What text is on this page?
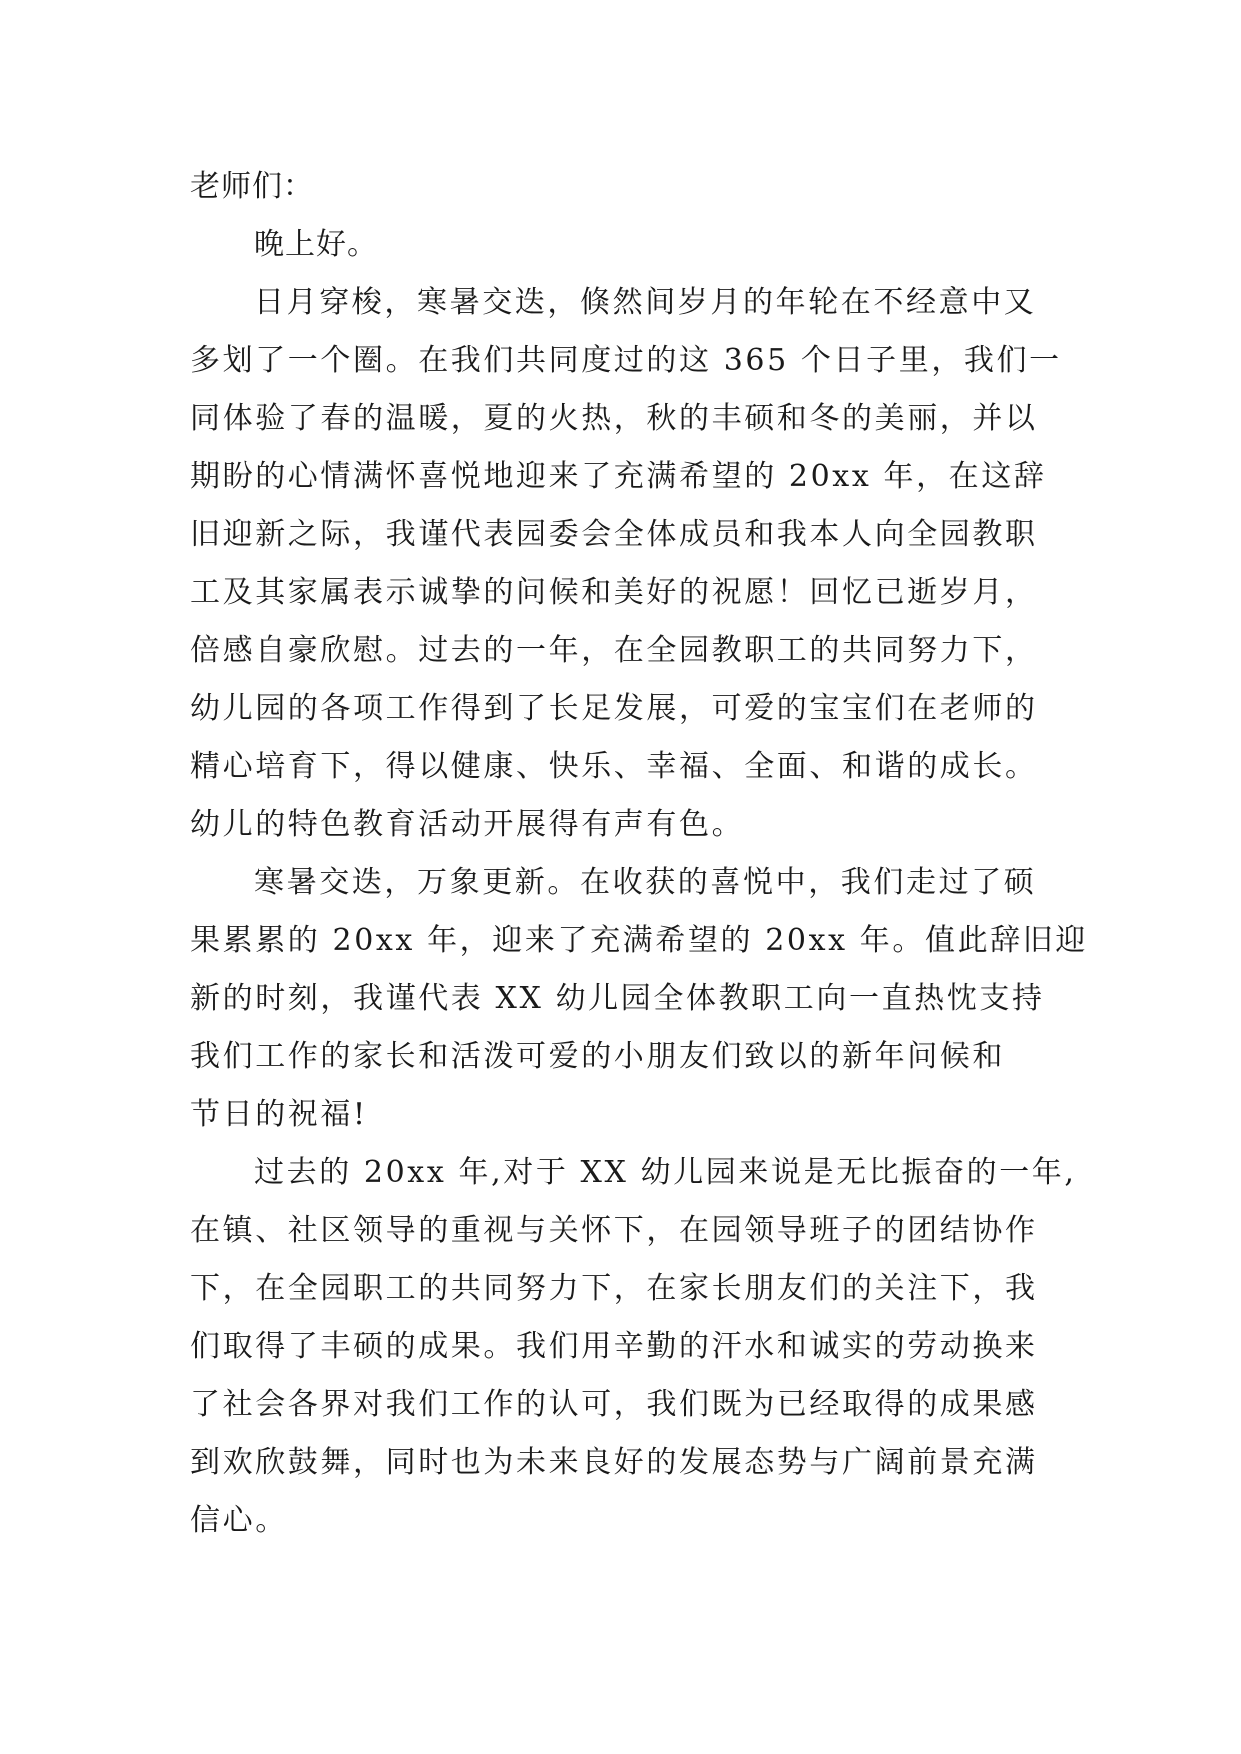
老师们：
晚上好。
日月穿梭，寒暑交迭，倏然间岁月的年轮在不经意中又
多划了一个圈。在我们共同度过的这 365 个日子里，我们一
同体验了春的温暖，夏的火热，秋的丰硕和冬的美丽，并以
期盼的心情满怀喜悦地迎来了充满希望的 20xx 年，在这辞
旧迎新之际，我谨代表园委会全体成员和我本人向全园教职
工及其家属表示诚挚的问候和美好的祝愿！回忆已逝岁月，
倍感自豪欣慰。过去的一年，在全园教职工的共同努力下，
幼儿园的各项工作得到了长足发展，可爱的宝宝们在老师的
精心培育下，得以健康、快乐、幸福、全面、和谐的成长。
幼儿的特色教育活动开展得有声有色。
寒暑交迭，万象更新。在收获的喜悦中，我们走过了硕
果累累的 20xx 年，迎来了充满希望的 20xx 年。值此辞旧迎
新的时刻，我谨代表 XX 幼儿园全体教职工向一直热忱支持
我们工作的家长和活泼可爱的小朋友们致以的新年问候和
节日的祝福!
过去的 20xx 年,对于 XX 幼儿园来说是无比振奋的一年,
在镇、社区领导的重视与关怀下，在园领导班子的团结协作
下，在全园职工的共同努力下，在家长朋友们的关注下，我
们取得了丰硕的成果。我们用辛勤的汗水和诚实的劳动换来
了社会各界对我们工作的认可，我们既为已经取得的成果感
到欢欣鼓舞，同时也为未来良好的发展态势与广阔前景充满
信心。
